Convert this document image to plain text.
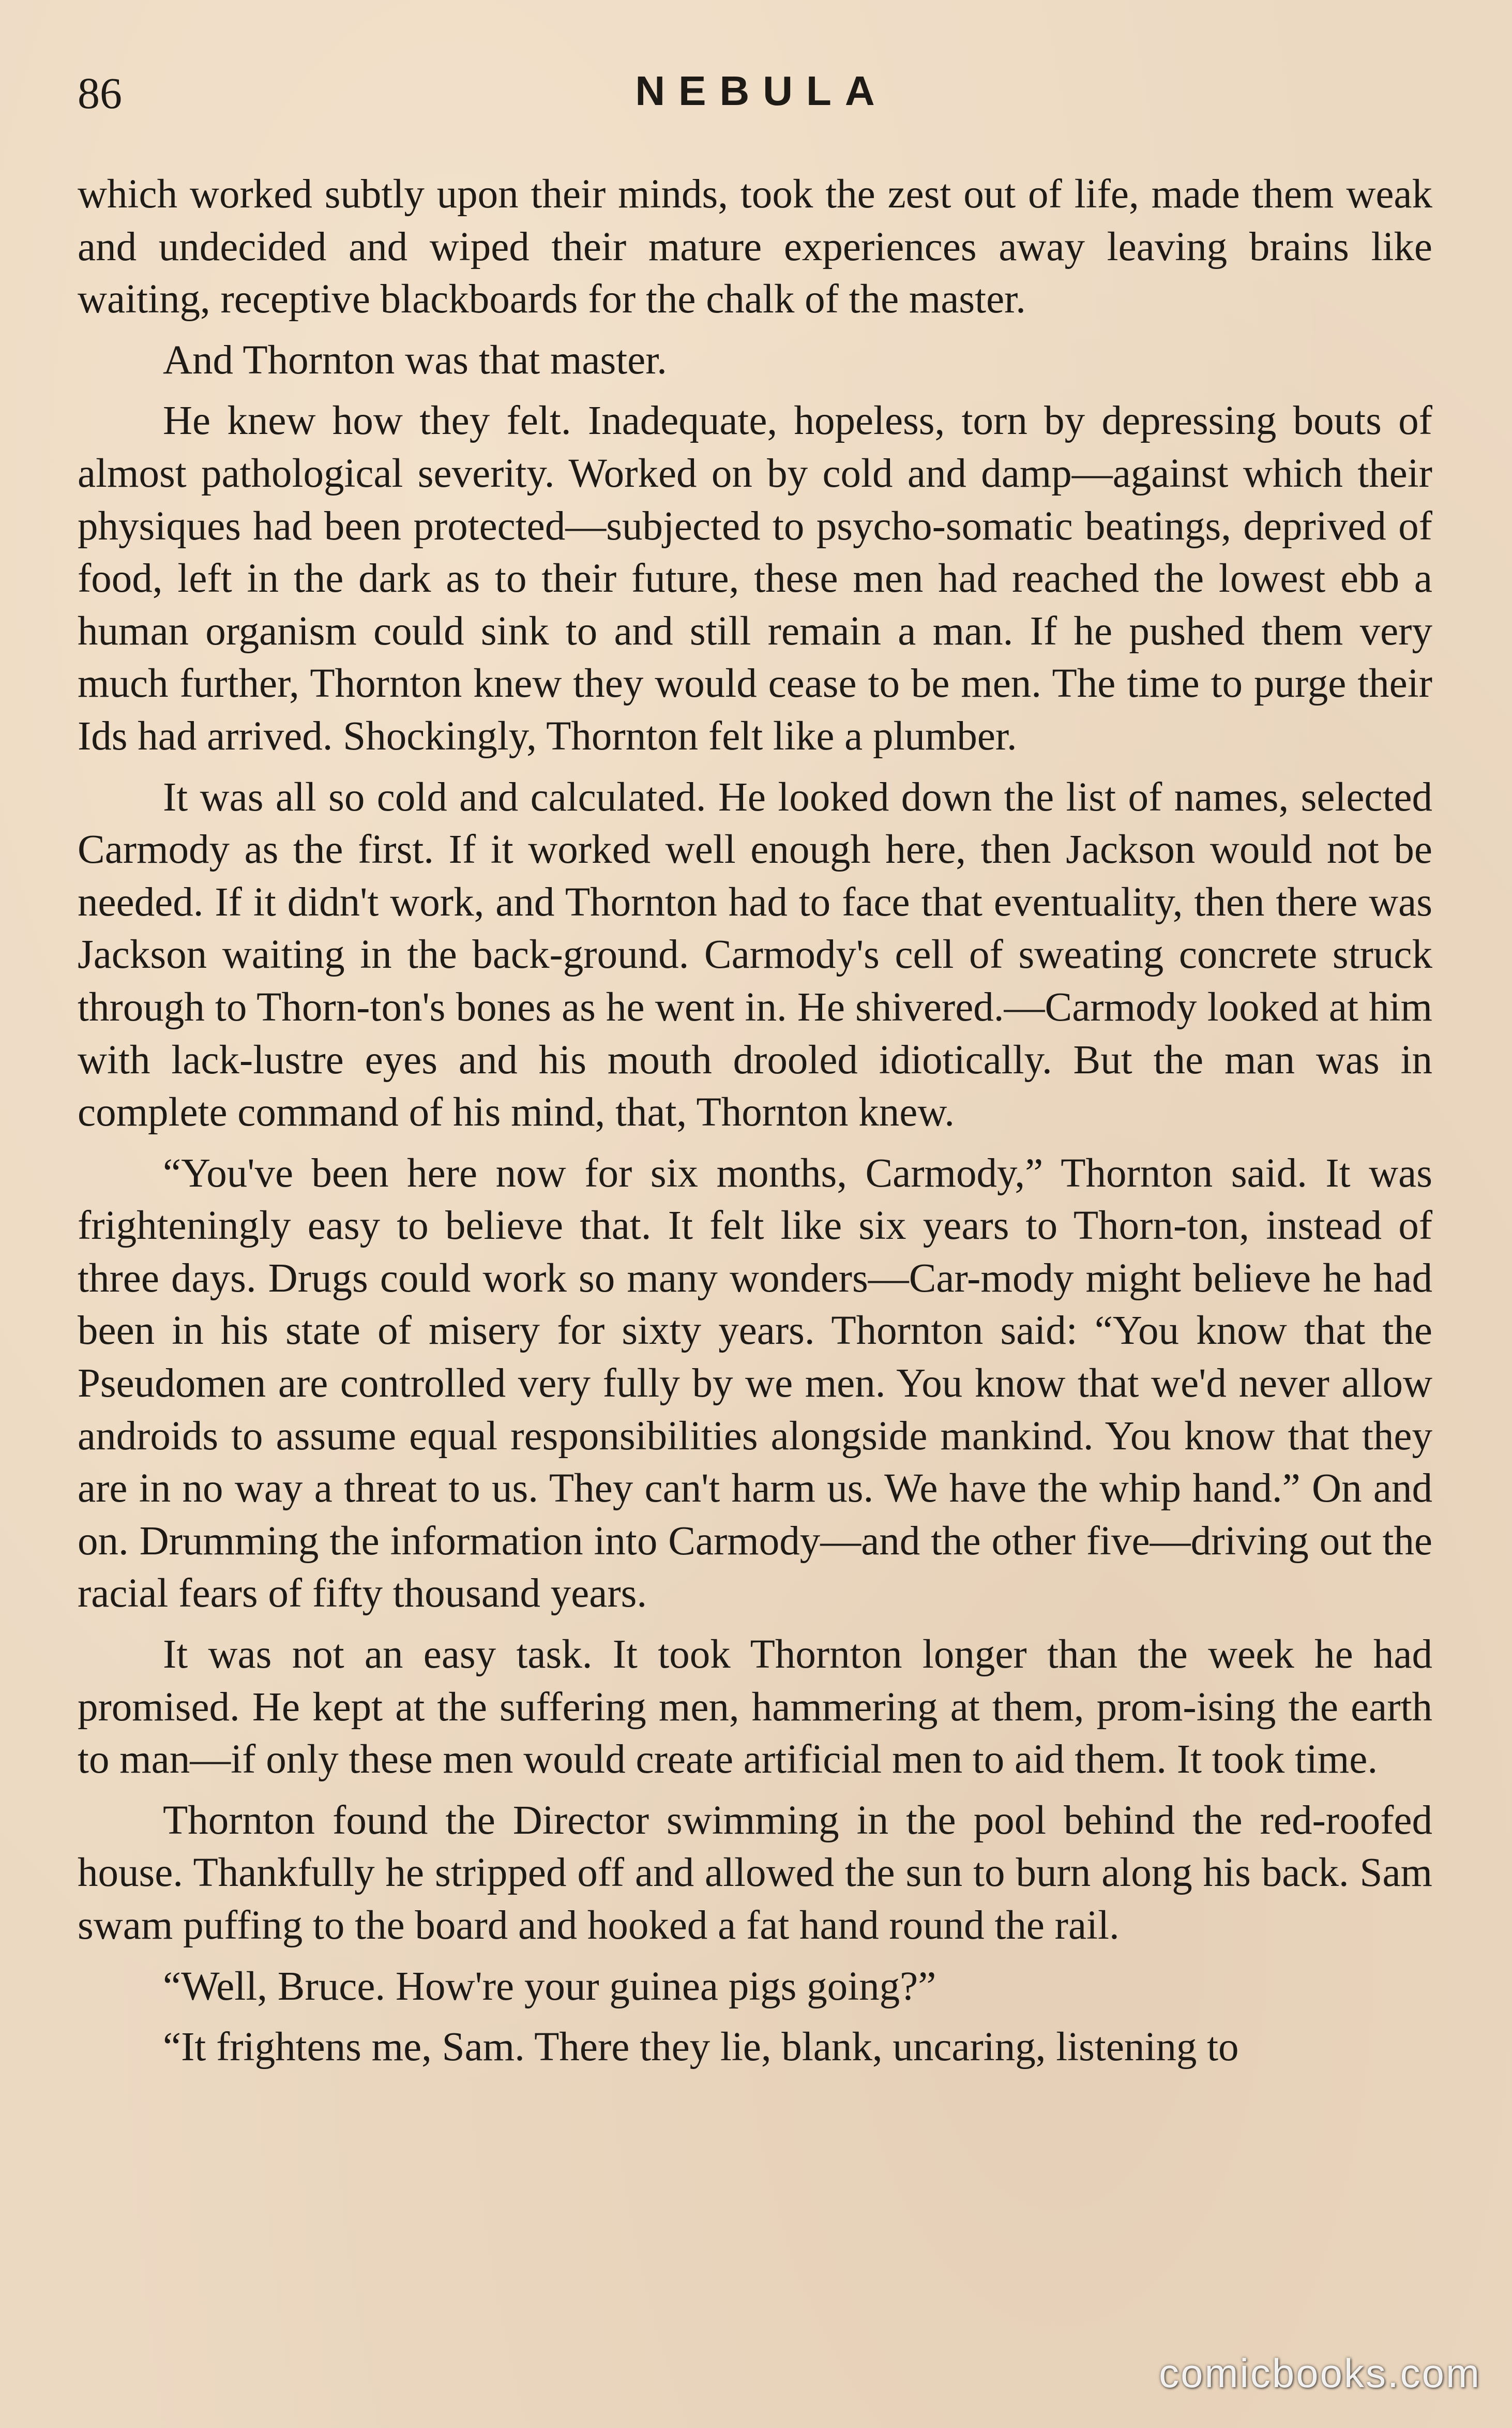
86	NEBULA

which worked subtly upon their minds, took the zest out of life, made them weak and undecided and wiped their mature experiences away leaving brains like waiting, receptive blackboards for the chalk of the master.

And Thornton was that master.

He knew how they felt. Inadequate, hopeless, torn by depressing bouts of almost pathological severity. Worked on by cold and damp—against which their physiques had been protected—subjected to psycho-somatic beatings, deprived of food, left in the dark as to their future, these men had reached the lowest ebb a human organism could sink to and still remain a man. If he pushed them very much further, Thornton knew they would cease to be men. The time to purge their Ids had arrived. Shockingly, Thornton felt like a plumber.

It was all so cold and calculated. He looked down the list of names, selected Carmody as the first. If it worked well enough here, then Jackson would not be needed. If it didn't work, and Thornton had to face that eventuality, then there was Jackson waiting in the back-ground. Carmody's cell of sweating concrete struck through to Thorn-ton's bones as he went in. He shivered.—Carmody looked at him with lack-lustre eyes and his mouth drooled idiotically. But the man was in complete command of his mind, that, Thornton knew.

“You've been here now for six months, Carmody,” Thornton said. It was frighteningly easy to believe that. It felt like six years to Thorn-ton, instead of three days. Drugs could work so many wonders—Car-mody might believe he had been in his state of misery for sixty years. Thornton said: “You know that the Pseudomen are controlled very fully by we men. You know that we'd never allow androids to assume equal responsibilities alongside mankind. You know that they are in no way a threat to us. They can't harm us. We have the whip hand.” On and on. Drumming the information into Carmody—and the other five—driving out the racial fears of fifty thousand years.

It was not an easy task. It took Thornton longer than the week he had promised. He kept at the suffering men, hammering at them, prom-ising the earth to man—if only these men would create artificial men to aid them. It took time.

Thornton found the Director swimming in the pool behind the red-roofed house. Thankfully he stripped off and allowed the sun to burn along his back. Sam swam puffing to the board and hooked a fat hand round the rail.

“Well, Bruce. How're your guinea pigs going?”

“It frightens me, Sam. There they lie, blank, uncaring, listening to

comicbooks.com
